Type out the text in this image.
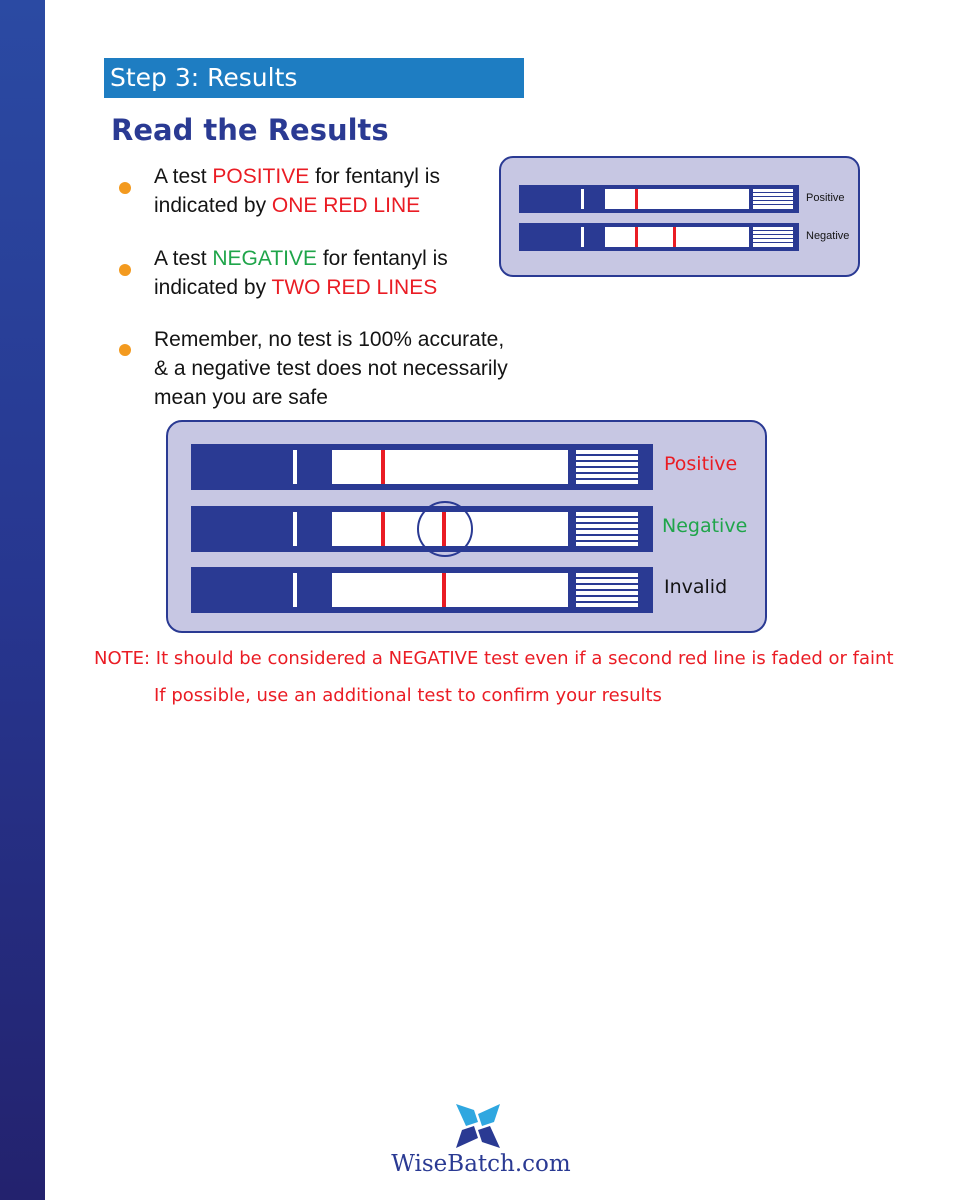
Step 3: Results
Read the Results
A test POSITIVE for fentanyl is
indicated by ONE RED LINE
A test NEGATIVE for fentanyl is
indicated by TWO RED LINES
Remember, no test is 100% accurate,
& a negative test does not necessarily
mean you are safe
Positive
Negative
Positive
Negative
Invalid
NOTE: It should be considered a NEGATIVE test even if a second red line is faded or faint
If possible, use an additional test to confirm your results
WiseBatch.com
